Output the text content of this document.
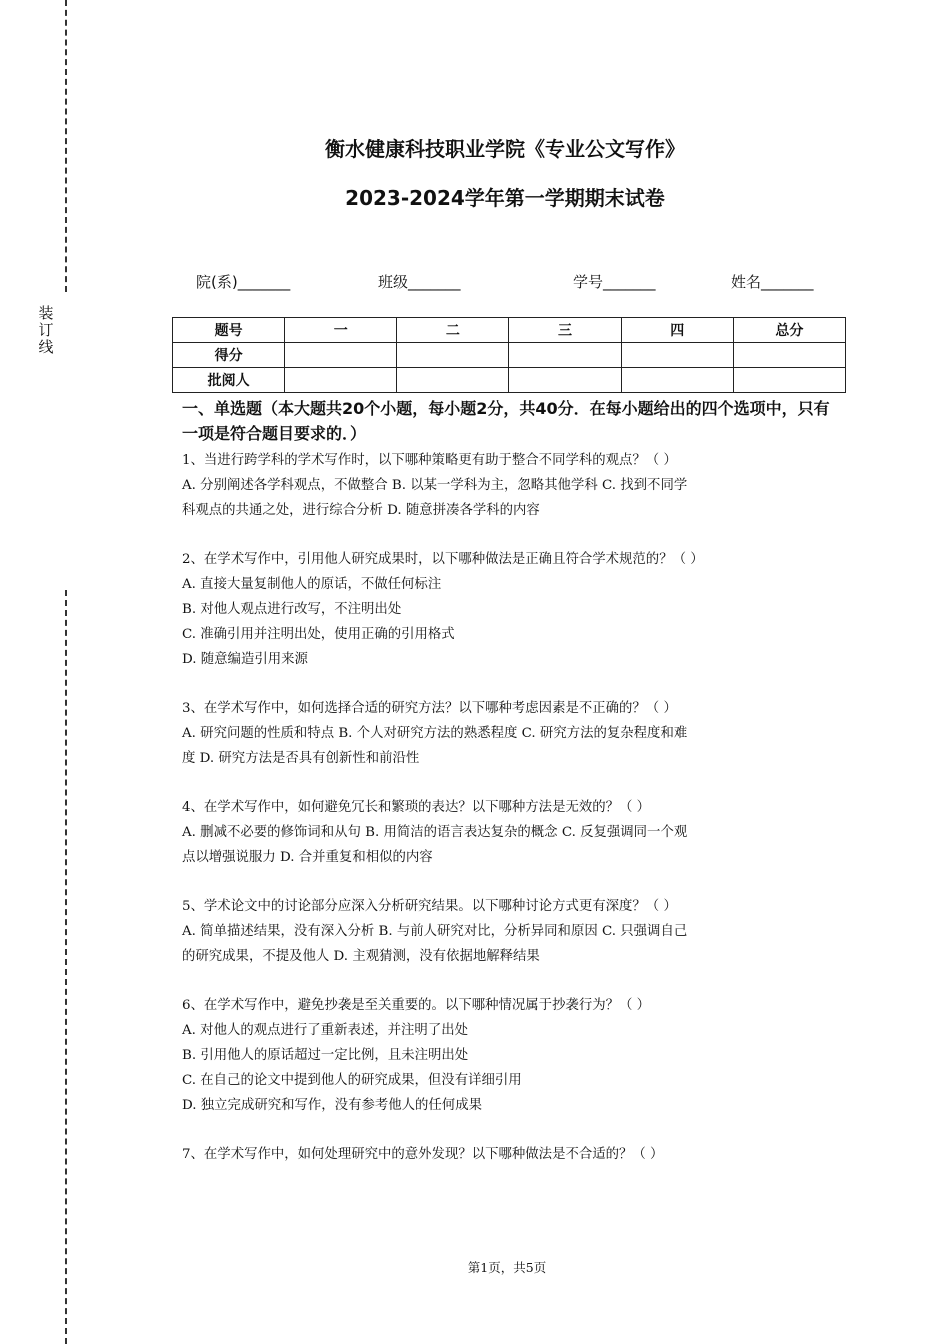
装订线
衡水健康科技职业学院《专业公文写作》
2023-2024学年第一学期期末试卷
院(系)_______	班级_______	学号_______	姓名_______
题号	一	二	三	四	总分
得分					
批阅人					
一、单选题（本大题共20个小题，每小题2分，共40分．在每小题给出的四个选项中，只有一项是符合题目要求的．）

1、当进行跨学科的学术写作时，以下哪种策略更有助于整合不同学科的观点？（ ）

A. 分别阐述各学科观点，不做整合 B. 以某一学科为主，忽略其他学科 C. 找到不同学

科观点的共通之处，进行综合分析 D. 随意拼凑各学科的内容

2、在学术写作中，引用他人研究成果时，以下哪种做法是正确且符合学术规范的？（ ）

A. 直接大量复制他人的原话，不做任何标注

B. 对他人观点进行改写，不注明出处

C. 准确引用并注明出处，使用正确的引用格式

D. 随意编造引用来源

3、在学术写作中，如何选择合适的研究方法？以下哪种考虑因素是不正确的？（ ）

A. 研究问题的性质和特点 B. 个人对研究方法的熟悉程度 C. 研究方法的复杂程度和难

度 D. 研究方法是否具有创新性和前沿性

4、在学术写作中，如何避免冗长和繁琐的表达？以下哪种方法是无效的？（ ）

A. 删减不必要的修饰词和从句 B. 用简洁的语言表达复杂的概念 C. 反复强调同一个观

点以增强说服力 D. 合并重复和相似的内容

5、学术论文中的讨论部分应深入分析研究结果。以下哪种讨论方式更有深度？（ ）

A. 简单描述结果，没有深入分析 B. 与前人研究对比，分析异同和原因 C. 只强调自己

的研究成果，不提及他人 D. 主观猜测，没有依据地解释结果

6、在学术写作中，避免抄袭是至关重要的。以下哪种情况属于抄袭行为？（ ）

A. 对他人的观点进行了重新表述，并注明了出处

B. 引用他人的原话超过一定比例，且未注明出处

C. 在自己的论文中提到他人的研究成果，但没有详细引用

D. 独立完成研究和写作，没有参考他人的任何成果

7、在学术写作中，如何处理研究中的意外发现？以下哪种做法是不合适的？（ ）

第1页，共5页
